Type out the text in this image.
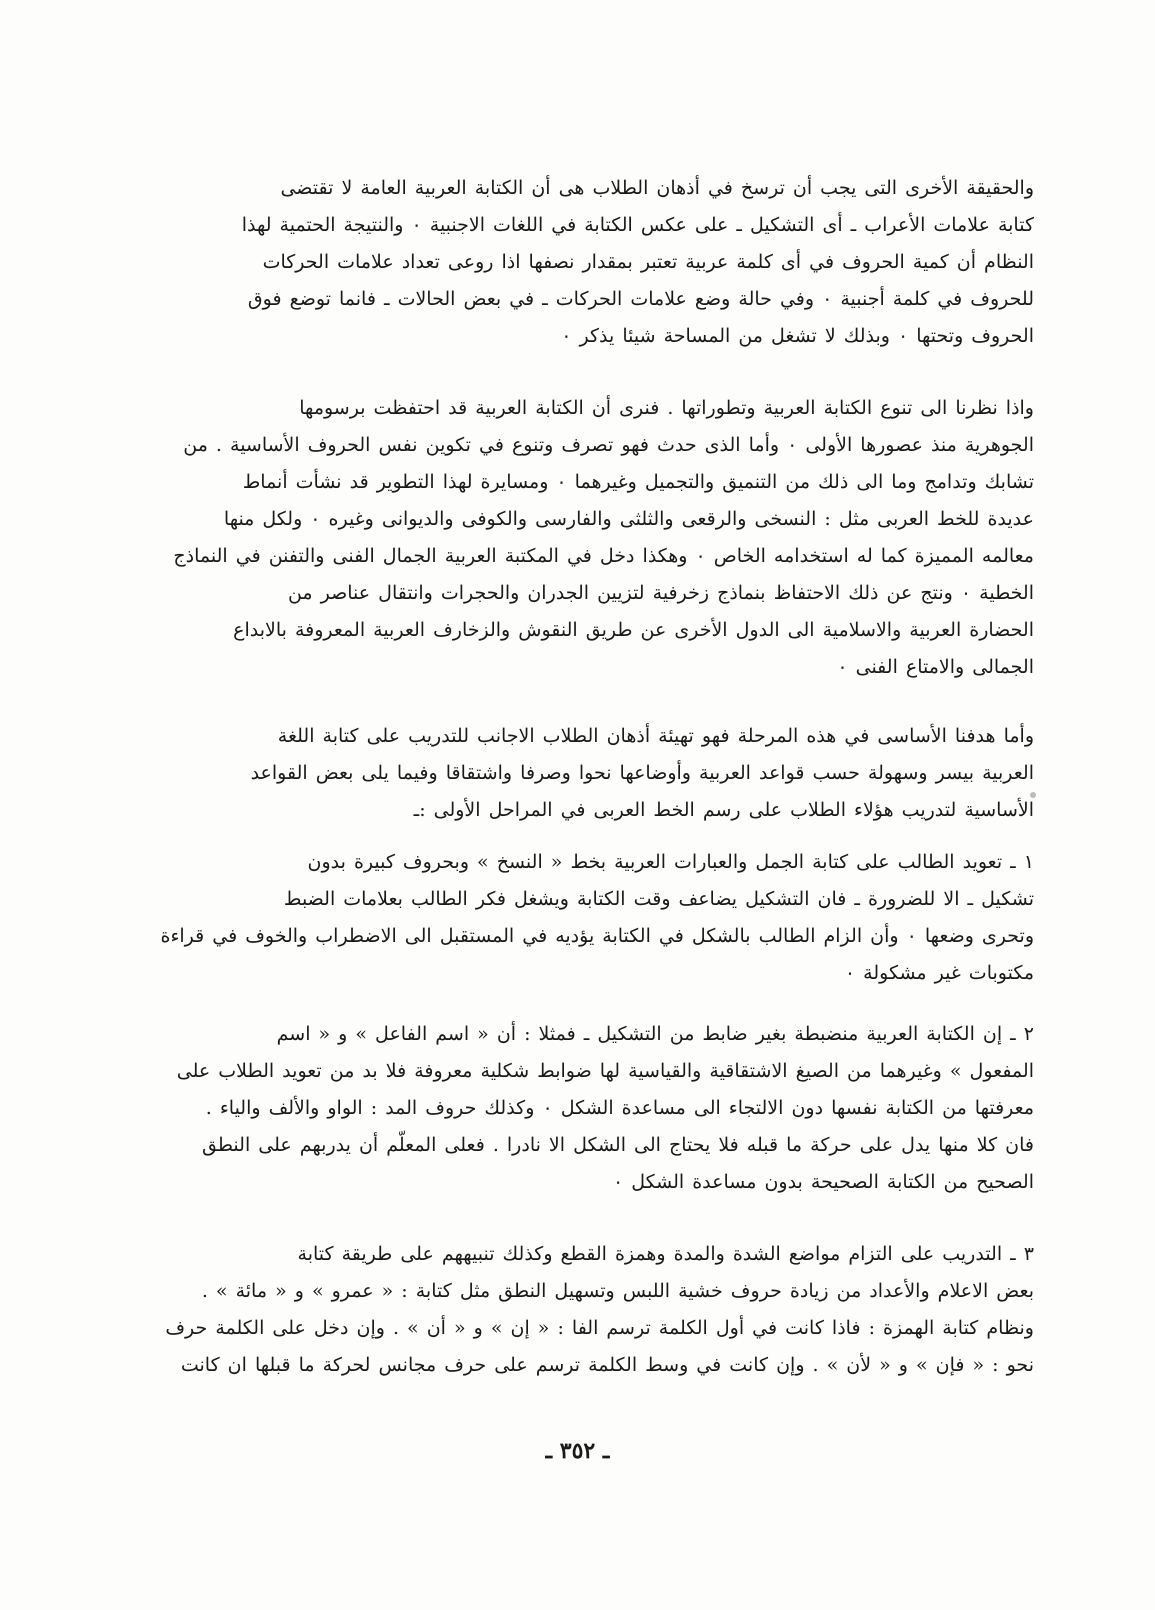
والحقيقة الأخرى التى يجب أن ترسخ في أذهان الطلاب هى أن الكتابة العربية العامة لا تقتضى
كتابة علامات الأعراب ـ أى التشكيل ـ على عكس الكتابة في اللغات الاجنبية ٠ والنتيجة الحتمية لهذا
النظام أن كمية الحروف في أى كلمة عربية تعتبر بمقدار نصفها اذا روعى تعداد علامات الحركات
للحروف في كلمة أجنبية ٠ وفي حالة وضع علامات الحركات ـ في بعض الحالات ـ فانما توضع فوق
الحروف وتحتها ٠ وبذلك لا تشغل من المساحة شيئا يذكر ٠
واذا نظرنا الى تنوع الكتابة العربية وتطوراتها . فنرى أن الكتابة العربية قد احتفظت برسومها
الجوهرية منذ عصورها الأولى ٠ وأما الذى حدث فهو تصرف وتنوع في تكوين نفس الحروف الأساسية . من
تشابك وتدامج وما الى ذلك من التنميق والتجميل وغيرهما ٠ ومسايرة لهذا التطوير قد نشأت أنماط
عديدة للخط العربى مثل : النسخى والرقعى والثلثى والفارسى والكوفى والديوانى وغيره ٠ ولكل منها
معالمه المميزة كما له استخدامه الخاص ٠ وهكذا دخل في المكتبة العربية الجمال الفنى والتفنن في النماذج
الخطية ٠ ونتج عن ذلك الاحتفاظ بنماذج زخرفية لتزيين الجدران والحجرات وانتقال عناصر من
الحضارة العربية والاسلامية الى الدول الأخرى عن طريق النقوش والزخارف العربية المعروفة بالابداع
الجمالى والامتاع الفنى ٠
وأما هدفنا الأساسى في هذه المرحلة فهو تهيئة أذهان الطلاب الاجانب للتدريب على كتابة اللغة
العربية بيسر وسهولة حسب قواعد العربية وأوضاعها نحوا وصرفا واشتقاقا وفيما يلى بعض القواعد
الأساسية لتدريب هؤلاء الطلاب على رسم الخط العربى في المراحل الأولى :ـ
١ ـ تعويد الطالب على كتابة الجمل والعبارات العربية بخط « النسخ » وبحروف كبيرة بدون
تشكيل ـ الا للضرورة ـ فان التشكيل يضاعف وقت الكتابة ويشغل فكر الطالب بعلامات الضبط
وتحرى وضعها ٠ وأن الزام الطالب بالشكل في الكتابة يؤديه في المستقبل الى الاضطراب والخوف في قراءة
مكتوبات غير مشكولة ٠
٢ ـ إن الكتابة العربية منضبطة بغير ضابط من التشكيل ـ فمثلا : أن « اسم الفاعل » و « اسم
المفعول » وغيرهما من الصيغ الاشتقاقية والقياسية لها ضوابط شكلية معروفة فلا بد من تعويد الطلاب على
معرفتها من الكتابة نفسها دون الالتجاء الى مساعدة الشكل ٠ وكذلك حروف المد : الواو والألف والياء .
فان كلا منها يدل على حركة ما قبله فلا يحتاج الى الشكل الا نادرا . فعلى المعلّم أن يدربهم على النطق
الصحيح من الكتابة الصحيحة بدون مساعدة الشكل ٠
٣ ـ التدريب على التزام مواضع الشدة والمدة وهمزة القطع وكذلك تنبيههم على طريقة كتابة
بعض الاعلام والأعداد من زيادة حروف خشية اللبس وتسهيل النطق مثل كتابة : « عمرو » و « مائة » .
ونظام كتابة الهمزة : فاذا كانت في أول الكلمة ترسم الفا : « إن » و « أن » . وإن دخل على الكلمة حرف
نحو : « فإن » و « لأن » . وإن كانت في وسط الكلمة ترسم على حرف مجانس لحركة ما قبلها ان كانت
ـ ٣٥٢ ـ
